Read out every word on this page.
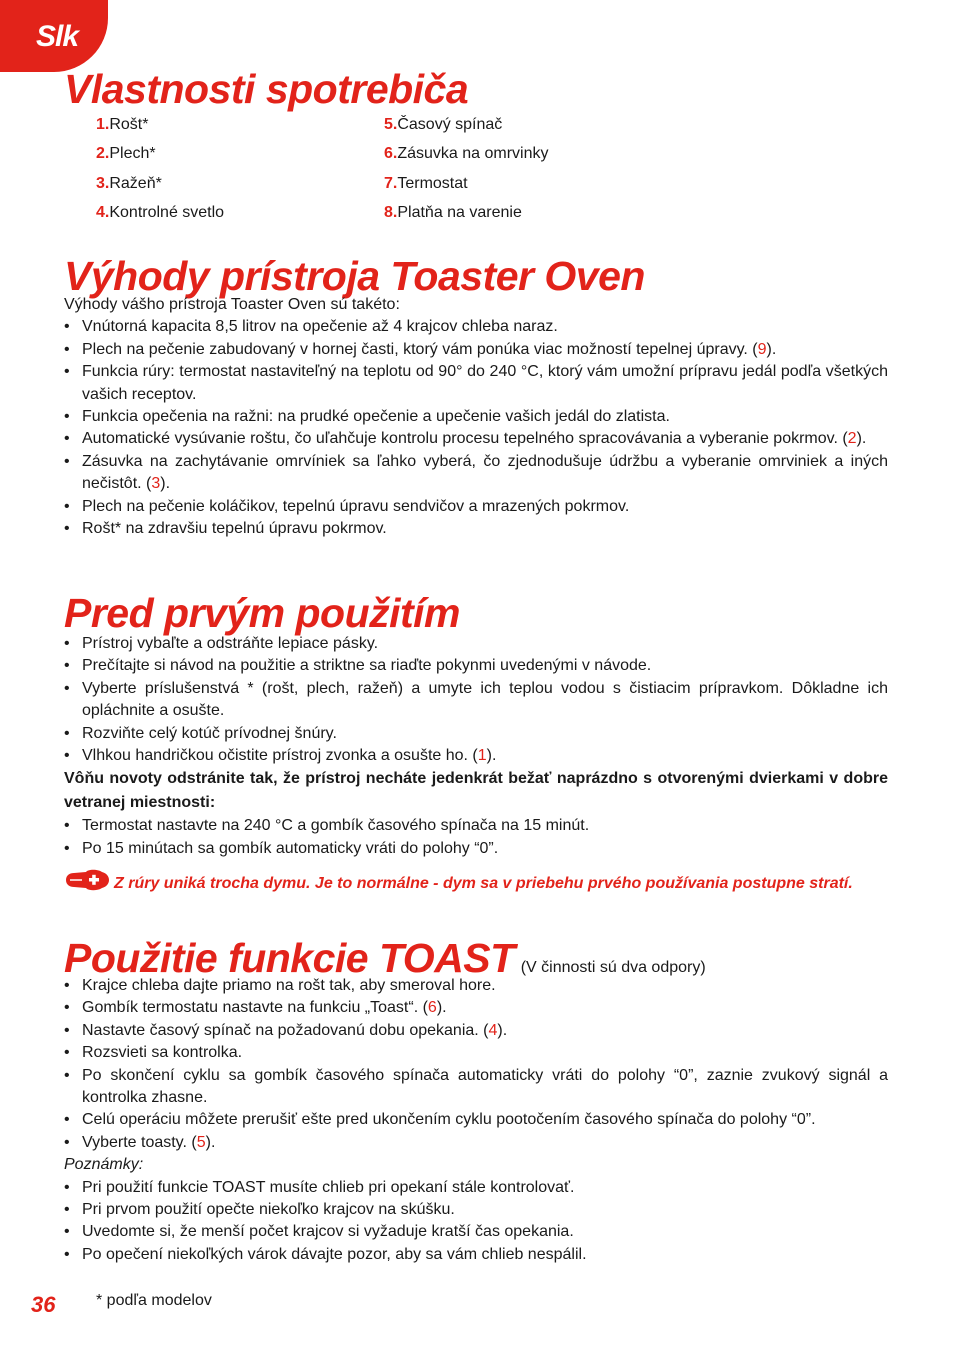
Slk
Vlastnosti spotrebiča
1.Rošt*
2.Plech*
3.Ražeň*
4.Kontrolné svetlo
5.Časový spínač
6.Zásuvka na omrvinky
7.Termostat
8.Platňa na varenie
Výhody prístroja Toaster Oven

Výhody vášho prístroja Toaster Oven sú takéto:

• Vnútorná kapacita 8,5 litrov na opečenie až 4 krajcov chleba naraz.
• Plech na pečenie zabudovaný v hornej časti, ktorý vám ponúka viac možností tepelnej úpravy. (9).
• Funkcia rúry: termostat nastaviteľný na teplotu od 90° do 240 °C, ktorý vám umožní prípravu jedál podľa všetkých vašich receptov.
• Funkcia opečenia na ražni: na prudké opečenie a upečenie vašich jedál do zlatista.
• Automatické vysúvanie roštu, čo uľahčuje kontrolu procesu tepelného spracovávania a vyberanie pokrmov. (2).
• Zásuvka na zachytávanie omrvíniek sa ľahko vyberá, čo zjednodušuje údržbu a vyberanie omrviniek a iných nečistôt. (3).
• Plech na pečenie koláčikov, tepelnú úpravu sendvičov a mrazených pokrmov.
• Rošt* na zdravšiu tepelnú úpravu pokrmov.
Pred prvým použitím
• Prístroj vybaľte a odstráňte lepiace pásky.
• Prečítajte si návod na použitie a striktne sa riaďte pokynmi uvedenými v návode.
• Vyberte príslušenstvá * (rošt, plech, ražeň) a umyte ich teplou vodou s čistiacim prípravkom. Dôkladne ich opláchnite a osušte.
• Rozviňte celý kotúč prívodnej šnúry.
• Vlhkou handričkou očistite prístroj zvonka a osušte ho. (1).

Vôňu novoty odstránite tak, že prístroj necháte jedenkrát bežať naprázdno s otvorenými dvierkami v dobre vetranej miestnosti:

• Termostat nastavte na 240 °C a gombík časového spínača na 15 minút.
• Po 15 minútach sa gombík automaticky vráti do polohy “0”.

Z rúry uniká trocha dymu. Je to normálne - dym sa v priebehu prvého používania postupne stratí.

Použitie funkcie TOAST (V činnosti sú dva odpory)
• Krajce chleba dajte priamo na rošt tak, aby smeroval hore.
• Gombík termostatu nastavte na funkciu „Toast“. (6).
• Nastavte časový spínač na požadovanú dobu opekania. (4).
• Rozsvieti sa kontrolka.
• Po skončení cyklu sa gombík časového spínača automaticky vráti do polohy “0”, zaznie zvukový signál a kontrolka zhasne.
• Celú operáciu môžete prerušiť ešte pred ukončením cyklu pootočením časového spínača do polohy “0”.
• Vyberte toasty. (5).

Poznámky:

• Pri použití funkcie TOAST musíte chlieb pri opekaní stále kontrolovať.
• Pri prvom použití opečte niekoľko krajcov na skúšku.
• Uvedomte si, že menší počet krajcov si vyžaduje kratší čas opekania.
• Po opečení niekoľkých várok dávajte pozor, aby sa vám chlieb nespálil.
36	* podľa modelov
